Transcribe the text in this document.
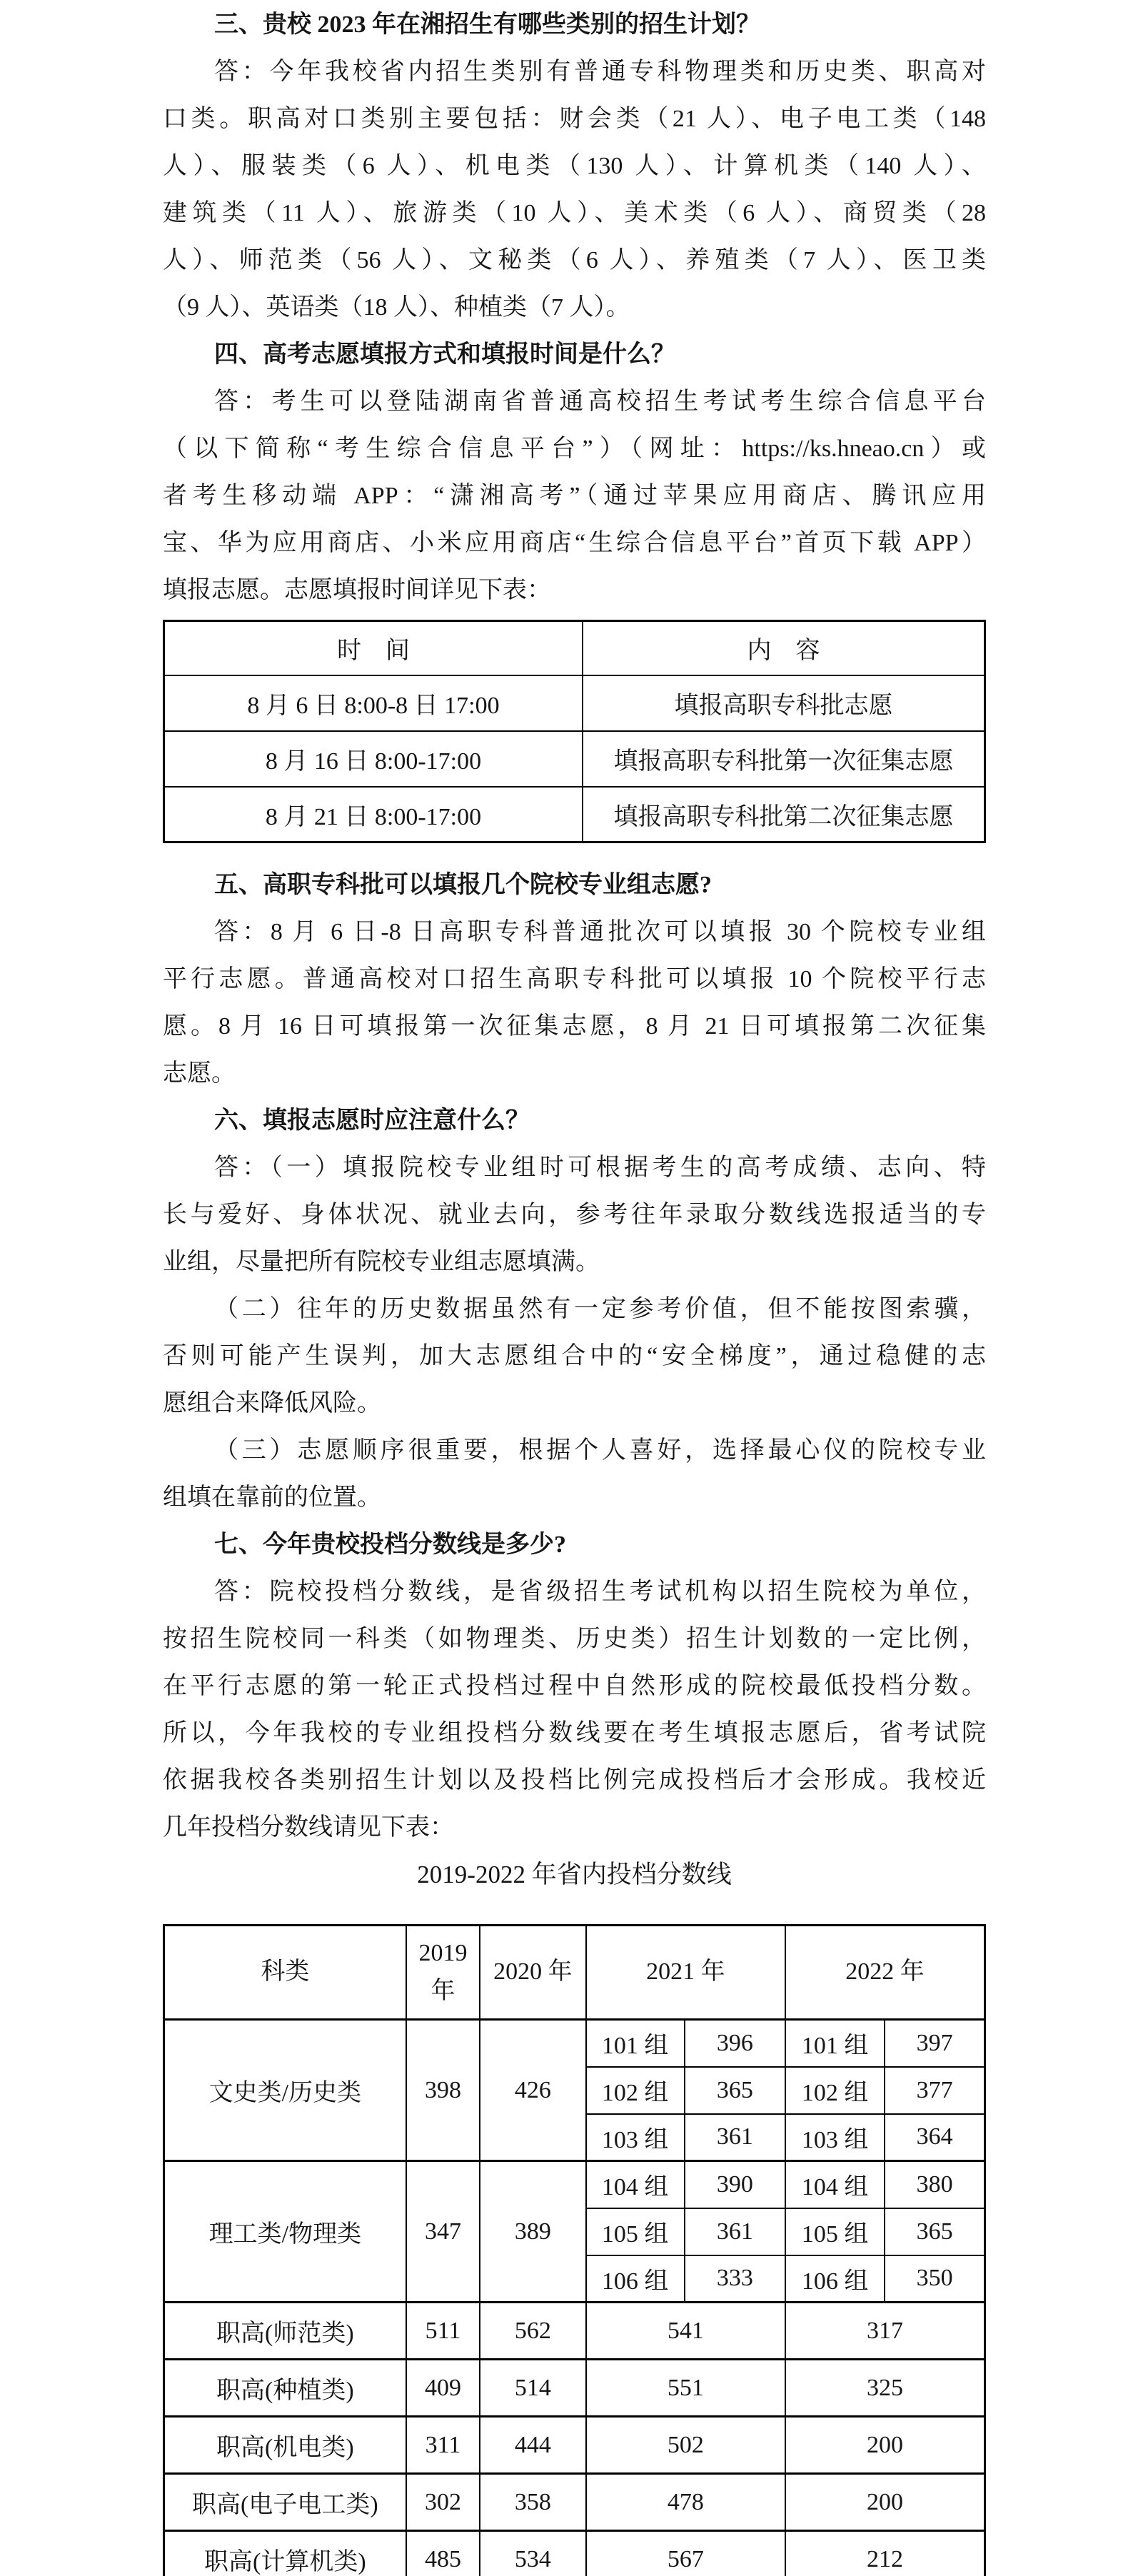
三、贵校 2023 年在湘招生有哪些类别的招生计划？
答：今年我校省内招生类别有普通专科物理类和历史类、职高对
口类。职高对口类别主要包括：财会类（21 人）、电子电工类（148
人）、服装类（6 人）、机电类（130 人）、计算机类（140 人）、
建筑类（11 人）、旅游类（10 人）、美术类（6 人）、商贸类（28
人）、师范类（56 人）、文秘类（6 人）、养殖类（7 人）、医卫类
（9 人）、英语类（18 人）、种植类（7 人）。
四、高考志愿填报方式和填报时间是什么？
答：考生可以登陆湖南省普通高校招生考试考生综合信息平台
（以下简称“考生综合信息平台”）（网址：https://ks.hneao.cn）或
者考生移动端 APP：“潇湘高考”（通过苹果应用商店、腾讯应用
宝、华为应用商店、小米应用商店“生综合信息平台”首页下载 APP）
填报志愿。志愿填报时间详见下表：
时　间	内　容
8 月 6 日 8:00-8 日 17:00	填报高职专科批志愿
8 月 16 日 8:00-17:00	填报高职专科批第一次征集志愿
8 月 21 日 8:00-17:00	填报高职专科批第二次征集志愿
五、高职专科批可以填报几个院校专业组志愿?
答：8 月 6 日-8 日高职专科普通批次可以填报 30 个院校专业组
平行志愿。普通高校对口招生高职专科批可以填报 10 个院校平行志
愿。8 月 16 日可填报第一次征集志愿，8 月 21 日可填报第二次征集
志愿。
六、填报志愿时应注意什么？
答：（一）填报院校专业组时可根据考生的高考成绩、志向、特
长与爱好、身体状况、就业去向，参考往年录取分数线选报适当的专
业组，尽量把所有院校专业组志愿填满。
（二）往年的历史数据虽然有一定参考价值，但不能按图索骥，
否则可能产生误判，加大志愿组合中的“安全梯度”，通过稳健的志
愿组合来降低风险。
（三）志愿顺序很重要，根据个人喜好，选择最心仪的院校专业
组填在靠前的位置。
七、今年贵校投档分数线是多少?
答：院校投档分数线，是省级招生考试机构以招生院校为单位，
按招生院校同一科类（如物理类、历史类）招生计划数的一定比例，
在平行志愿的第一轮正式投档过程中自然形成的院校最低投档分数。
所以，今年我校的专业组投档分数线要在考生填报志愿后，省考试院
依据我校各类别招生计划以及投档比例完成投档后才会形成。我校近
几年投档分数线请见下表：
2019-2022 年省内投档分数线
科类	2019 年	2020 年	2021 年		2022 年	
文史类/历史类	398	426	101 组	396	101 组	397
			102 组	365	102 组	377
			103 组	361	103 组	364
理工类/物理类	347	389	104 组	390	104 组	380
			105 组	361	105 组	365
			106 组	333	106 组	350
职高(师范类)	511	562	541		317	
职高(种植类)	409	514	551		325	
职高(机电类)	311	444	502		200	
职高(电子电工类)	302	358	478		200	
职高(计算机类)	485	534	567		212	
